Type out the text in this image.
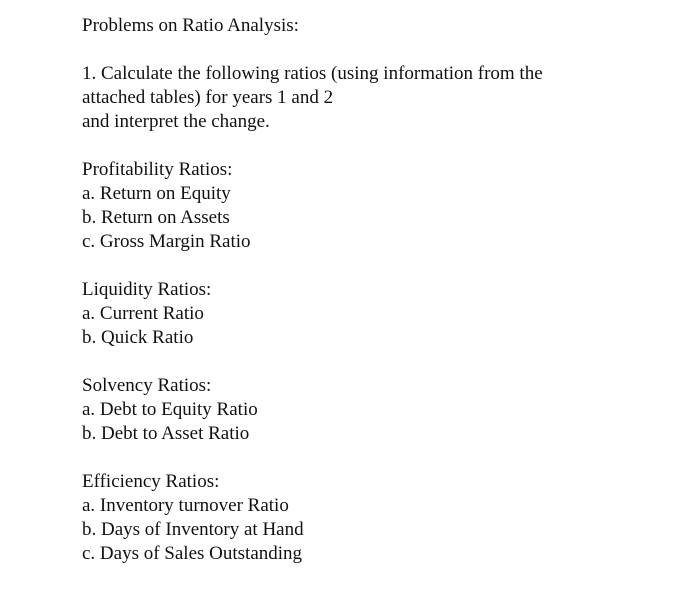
Problems on Ratio Analysis:
1. Calculate the following ratios (using information from the
attached tables) for years 1 and 2
and interpret the change.
Profitability Ratios:
a. Return on Equity
b. Return on Assets
c. Gross Margin Ratio
Liquidity Ratios:
a. Current Ratio
b. Quick Ratio
Solvency Ratios:
a. Debt to Equity Ratio
b. Debt to Asset Ratio
Efficiency Ratios:
a. Inventory turnover Ratio
b. Days of Inventory at Hand
c. Days of Sales Outstanding
